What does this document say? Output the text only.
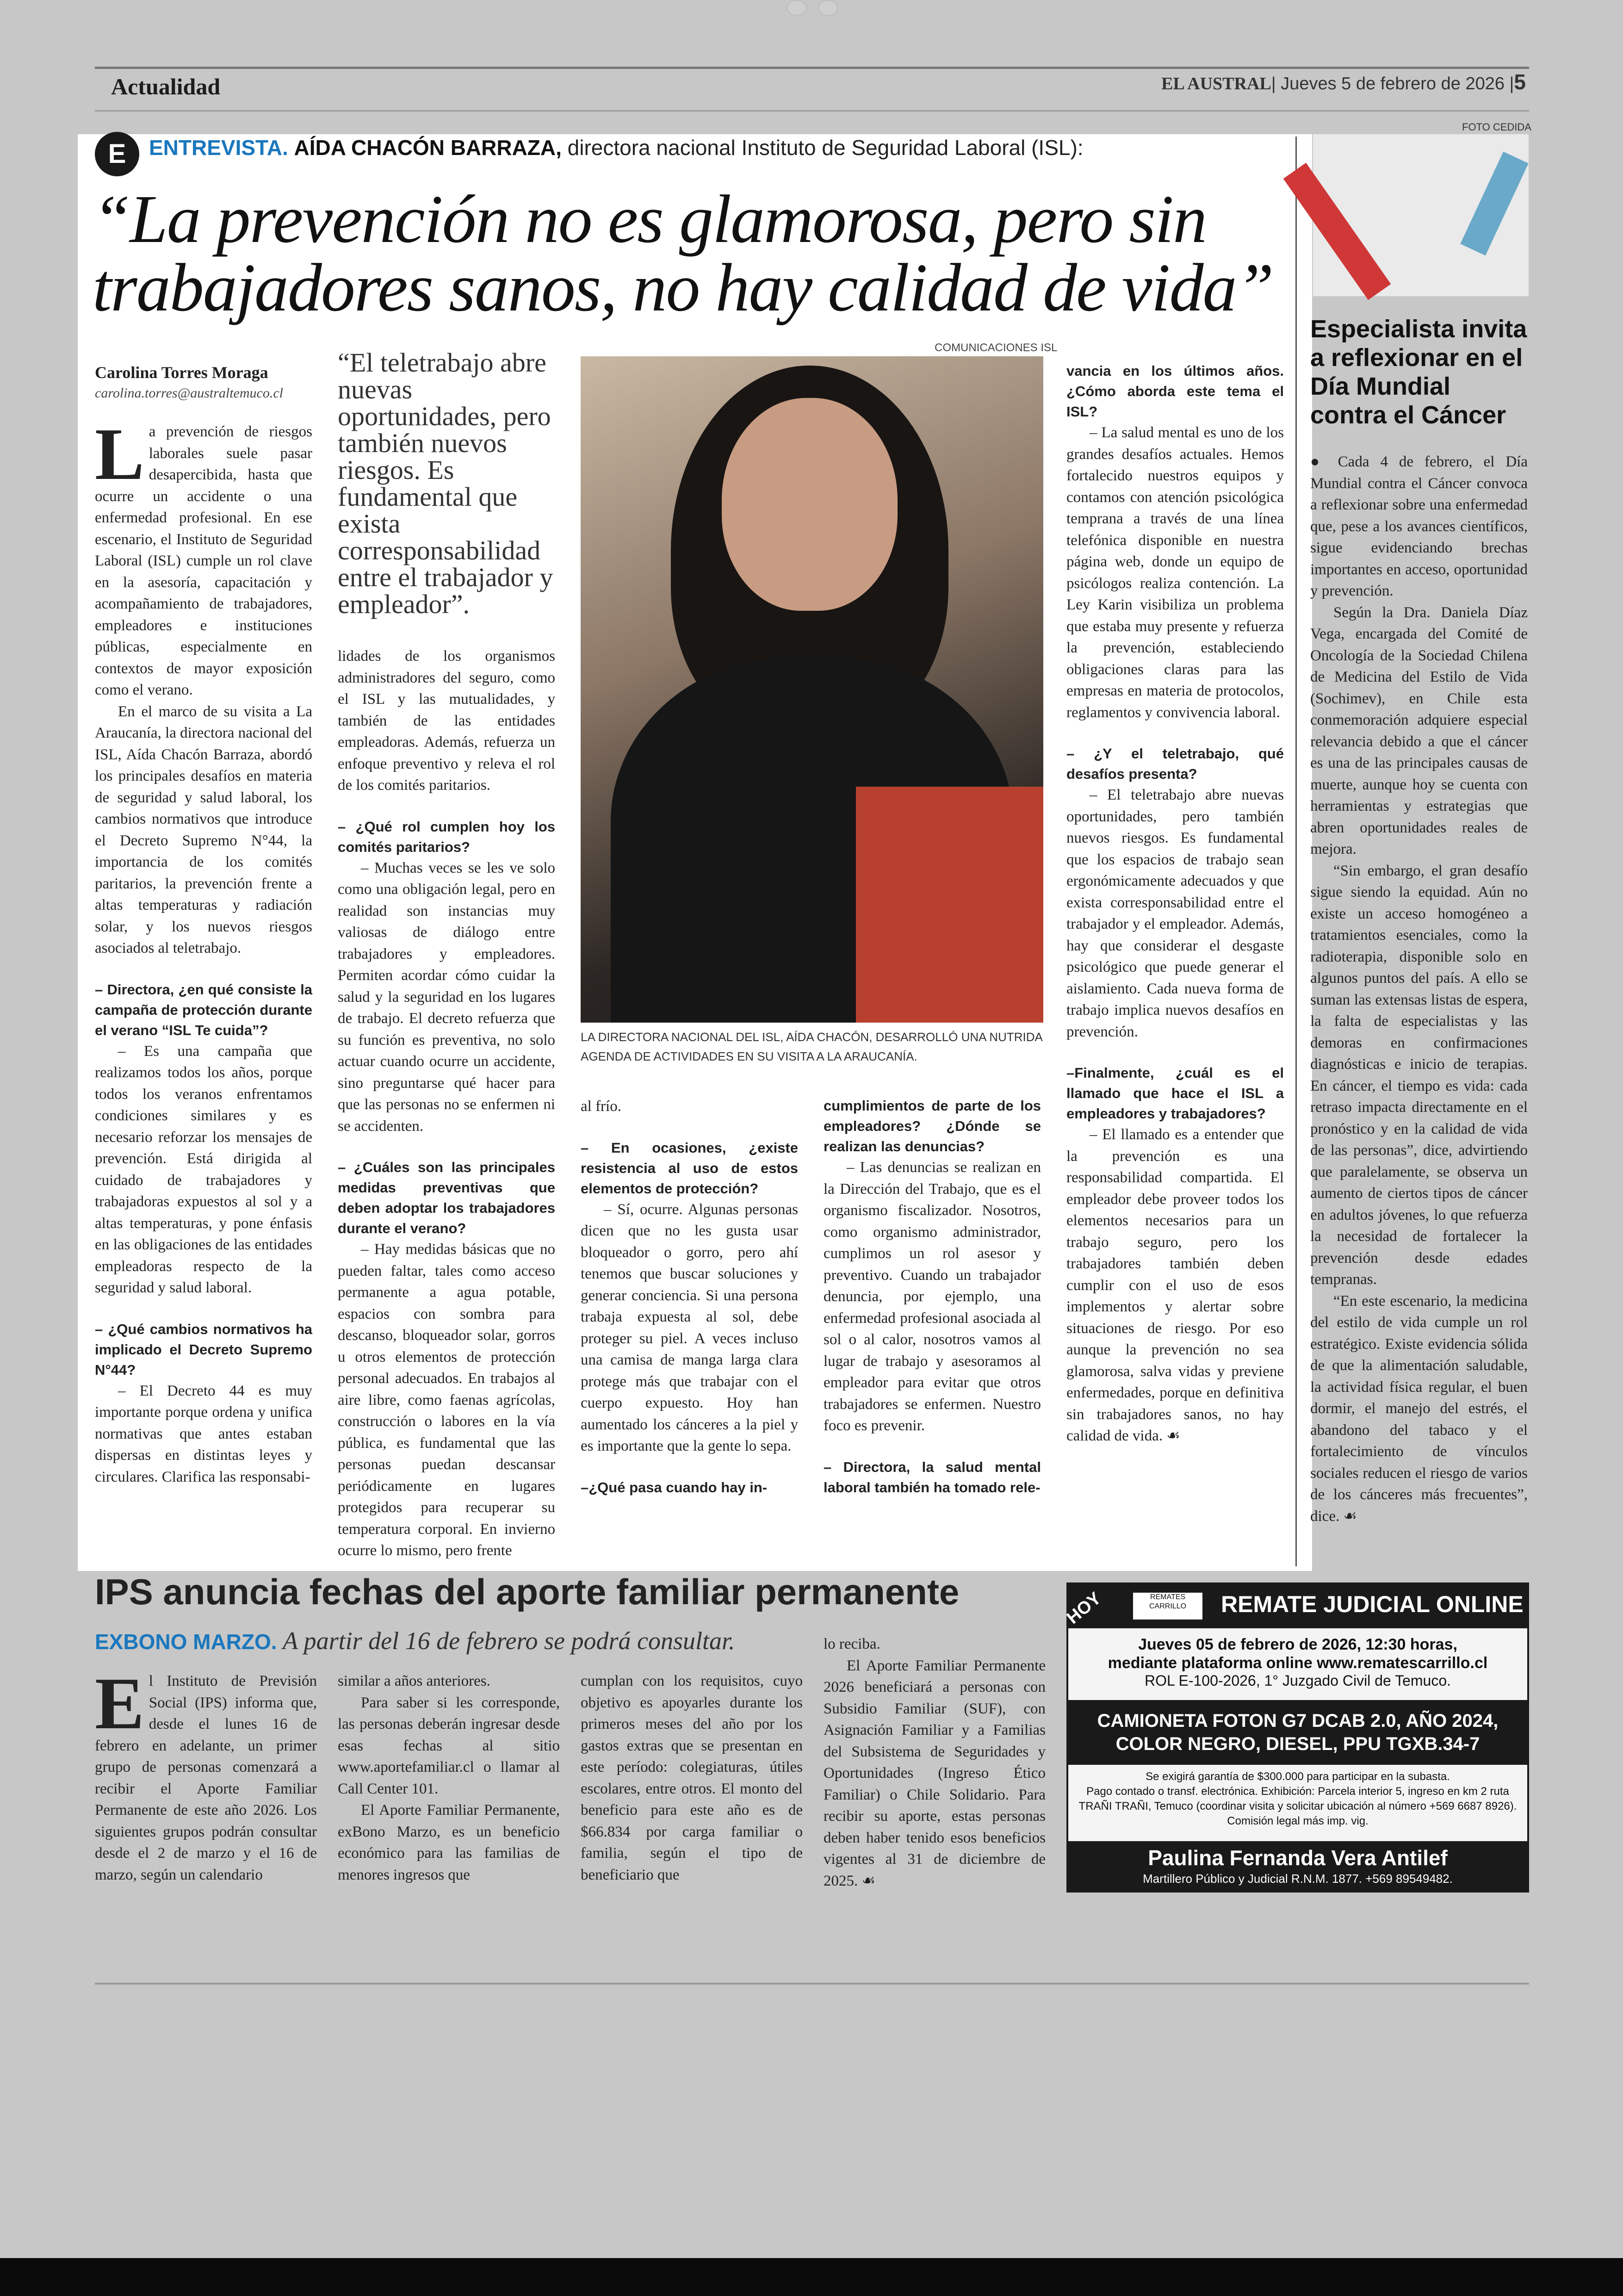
Actualidad	EL AUSTRAL| Jueves 5 de febrero de 2026 |5
E	ENTREVISTA. AÍDA CHACÓN BARRAZA, directora nacional Instituto de Seguridad Laboral (ISL):
“La prevención no es glamorosa, pero sin
trabajadores sanos, no hay calidad de vida”
Carolina Torres Moraga
carolina.torres@australtemuco.cl

La prevención de riesgos laborales suele pasar desapercibida, hasta que ocurre un accidente o una enfermedad profesional. En ese escenario, el Instituto de Seguridad Laboral (ISL) cumple un rol clave en la asesoría, capacitación y acompañamiento de trabajadores, empleadores e instituciones públicas, especialmente en contextos de mayor exposición como el verano.

En el marco de su visita a La Araucanía, la directora nacional del ISL, Aída Chacón Barraza, abordó los principales desafíos en materia de seguridad y salud laboral, los cambios normativos que introduce el Decreto Supremo N°44, la importancia de los comités paritarios, la prevención frente a altas temperaturas y radiación solar, y los nuevos riesgos asociados al teletrabajo.

– Directora, ¿en qué consiste la campaña de protección durante el verano “ISL Te cuida”?

– Es una campaña que realizamos todos los años, porque todos los veranos enfrentamos condiciones similares y es necesario reforzar los mensajes de prevención. Está dirigida al cuidado de trabajadores y trabajadoras expuestos al sol y a altas temperaturas, y pone énfasis en las obligaciones de las entidades empleadoras respecto de la seguridad y salud laboral.

– ¿Qué cambios normativos ha implicado el Decreto Supremo N°44?

– El Decreto 44 es muy importante porque ordena y unifica normativas que antes estaban dispersas en distintas leyes y circulares. Clarifica las responsabi-

“El teletrabajo abre nuevas oportunidades, pero también nuevos riesgos. Es fundamental que exista corresponsabilidad entre el trabajador y empleador”.

lidades de los organismos administradores del seguro, como el ISL y las mutualidades, y también de las entidades empleadoras. Además, refuerza un enfoque preventivo y releva el rol de los comités paritarios.

– ¿Qué rol cumplen hoy los comités paritarios?

– Muchas veces se les ve solo como una obligación legal, pero en realidad son instancias muy valiosas de diálogo entre trabajadores y empleadores. Permiten acordar cómo cuidar la salud y la seguridad en los lugares de trabajo. El decreto refuerza que su función es preventiva, no solo actuar cuando ocurre un accidente, sino preguntarse qué hacer para que las personas no se enfermen ni se accidenten.

– ¿Cuáles son las principales medidas preventivas que deben adoptar los trabajadores durante el verano?

– Hay medidas básicas que no pueden faltar, tales como acceso permanente a agua potable, espacios con sombra para descanso, bloqueador solar, gorros u otros elementos de protección personal adecuados. En trabajos al aire libre, como faenas agrícolas, construcción o labores en la vía pública, es fundamental que las personas puedan descansar periódicamente en lugares protegidos para recuperar su temperatura corporal. En invierno ocurre lo mismo, pero frente

COMUNICACIONES ISL
LA DIRECTORA NACIONAL DEL ISL, AÍDA CHACÓN, DESARROLLÓ UNA NUTRIDA AGENDA DE ACTIVIDADES EN SU VISITA A LA ARAUCANÍA.

al frío.

– En ocasiones, ¿existe resistencia al uso de estos elementos de protección?

– Sí, ocurre. Algunas personas dicen que no les gusta usar bloqueador o gorro, pero ahí tenemos que buscar soluciones y generar conciencia. Si una persona trabaja expuesta al sol, debe proteger su piel. A veces incluso una camisa de manga larga clara protege más que trabajar con el cuerpo expuesto. Hoy han aumentado los cánceres a la piel y es importante que la gente lo sepa.

–¿Qué pasa cuando hay in-

cumplimientos de parte de los empleadores? ¿Dónde se realizan las denuncias?

– Las denuncias se realizan en la Dirección del Trabajo, que es el organismo fiscalizador. Nosotros, como organismo administrador, cumplimos un rol asesor y preventivo. Cuando un trabajador denuncia, por ejemplo, una enfermedad profesional asociada al sol o al calor, nosotros vamos al lugar de trabajo y asesoramos al empleador para evitar que otros trabajadores se enfermen. Nuestro foco es prevenir.

– Directora, la salud mental laboral también ha tomado rele-

vancia en los últimos años. ¿Cómo aborda este tema el ISL?

– La salud mental es uno de los grandes desafíos actuales. Hemos fortalecido nuestros equipos y contamos con atención psicológica temprana a través de una línea telefónica disponible en nuestra página web, donde un equipo de psicólogos realiza contención. La Ley Karin visibiliza un problema que estaba muy presente y refuerza la prevención, estableciendo obligaciones claras para las empresas en materia de protocolos, reglamentos y convivencia laboral.

– ¿Y el teletrabajo, qué desafíos presenta?

– El teletrabajo abre nuevas oportunidades, pero también nuevos riesgos. Es fundamental que los espacios de trabajo sean ergonómicamente adecuados y que exista corresponsabilidad entre el trabajador y el empleador. Además, hay que considerar el desgaste psicológico que puede generar el aislamiento. Cada nueva forma de trabajo implica nuevos desafíos en prevención.

–Finalmente, ¿cuál es el llamado que hace el ISL a empleadores y trabajadores?

– El llamado es a entender que la prevención es una responsabilidad compartida. El empleador debe proveer todos los elementos necesarios para un trabajo seguro, pero los trabajadores también deben cumplir con el uso de esos implementos y alertar sobre situaciones de riesgo. Por eso aunque la prevención no sea glamorosa, salva vidas y previene enfermedades, porque en definitiva sin trabajadores sanos, no hay calidad de vida. ☙

FOTO CEDIDA
Especialista invita a reflexionar en el Día Mundial contra el Cáncer

● Cada 4 de febrero, el Día Mundial contra el Cáncer convoca a reflexionar sobre una enfermedad que, pese a los avances científicos, sigue evidenciando brechas importantes en acceso, oportunidad y prevención.

Según la Dra. Daniela Díaz Vega, encargada del Comité de Oncología de la Sociedad Chilena de Medicina del Estilo de Vida (Sochimev), en Chile esta conmemoración adquiere especial relevancia debido a que el cáncer es una de las principales causas de muerte, aunque hoy se cuenta con herramientas y estrategias que abren oportunidades reales de mejora.

“Sin embargo, el gran desafío sigue siendo la equidad. Aún no existe un acceso homogéneo a tratamientos esenciales, como la radioterapia, disponible solo en algunos puntos del país. A ello se suman las extensas listas de espera, la falta de especialistas y las demoras en confirmaciones diagnósticas e inicio de terapias. En cáncer, el tiempo es vida: cada retraso impacta directamente en el pronóstico y en la calidad de vida de las personas”, dice, advirtiendo que paralelamente, se observa un aumento de ciertos tipos de cáncer en adultos jóvenes, lo que refuerza la necesidad de fortalecer la prevención desde edades tempranas.

“En este escenario, la medicina del estilo de vida cumple un rol estratégico. Existe evidencia sólida de que la alimentación saludable, la actividad física regular, el buen dormir, el manejo del estrés, el abandono del tabaco y el fortalecimiento de vínculos sociales reducen el riesgo de varios de los cánceres más frecuentes”, dice. ☙

IPS anuncia fechas del aporte familiar permanente
EXBONO MARZO. A partir del 16 de febrero se podrá consultar.

El Instituto de Previsión Social (IPS) informa que, desde el lunes 16 de febrero en adelante, un primer grupo de personas comenzará a recibir el Aporte Familiar Permanente de este año 2026. Los siguientes grupos podrán consultar desde el 2 de marzo y el 16 de marzo, según un calendario

similar a años anteriores.

Para saber si les corresponde, las personas deberán ingresar desde esas fechas al sitio www.aportefamiliar.cl o llamar al Call Center 101.

El Aporte Familiar Permanente, exBono Marzo, es un beneficio económico para las familias de menores ingresos que

cumplan con los requisitos, cuyo objetivo es apoyarles durante los primeros meses del año por los gastos extras que se presentan en este período: colegiaturas, útiles escolares, entre otros. El monto del beneficio para este año es de $66.834 por carga familiar o familia, según el tipo de beneficiario que

lo reciba.

El Aporte Familiar Permanente 2026 beneficiará a personas con Subsidio Familiar (SUF), con Asignación Familiar y a Familias del Subsistema de Seguridades y Oportunidades (Ingreso Ético Familiar) o Chile Solidario. Para recibir su aporte, estas personas deben haber tenido esos beneficios vigentes al 31 de diciembre de 2025. ☙

HOY	REMATES CARRILLO	REMATE JUDICIAL ONLINE
Jueves 05 de febrero de 2026, 12:30 horas,
mediante plataforma online www.rematescarrillo.cl
ROL E-100-2026, 1° Juzgado Civil de Temuco.
CAMIONETA FOTON G7 DCAB 2.0, AÑO 2024,
COLOR NEGRO, DIESEL, PPU TGXB.34-7
Se exigirá garantía de $300.000 para participar en la subasta.
Pago contado o transf. electrónica. Exhibición: Parcela interior 5, ingreso en km 2 ruta TRAÑI TRAÑI, Temuco (coordinar visita y solicitar ubicación al número +569 6687 8926).
Comisión legal más imp. vig.
Paulina Fernanda Vera Antilef
Martillero Público y Judicial R.N.M. 1877. +569 89549482.
